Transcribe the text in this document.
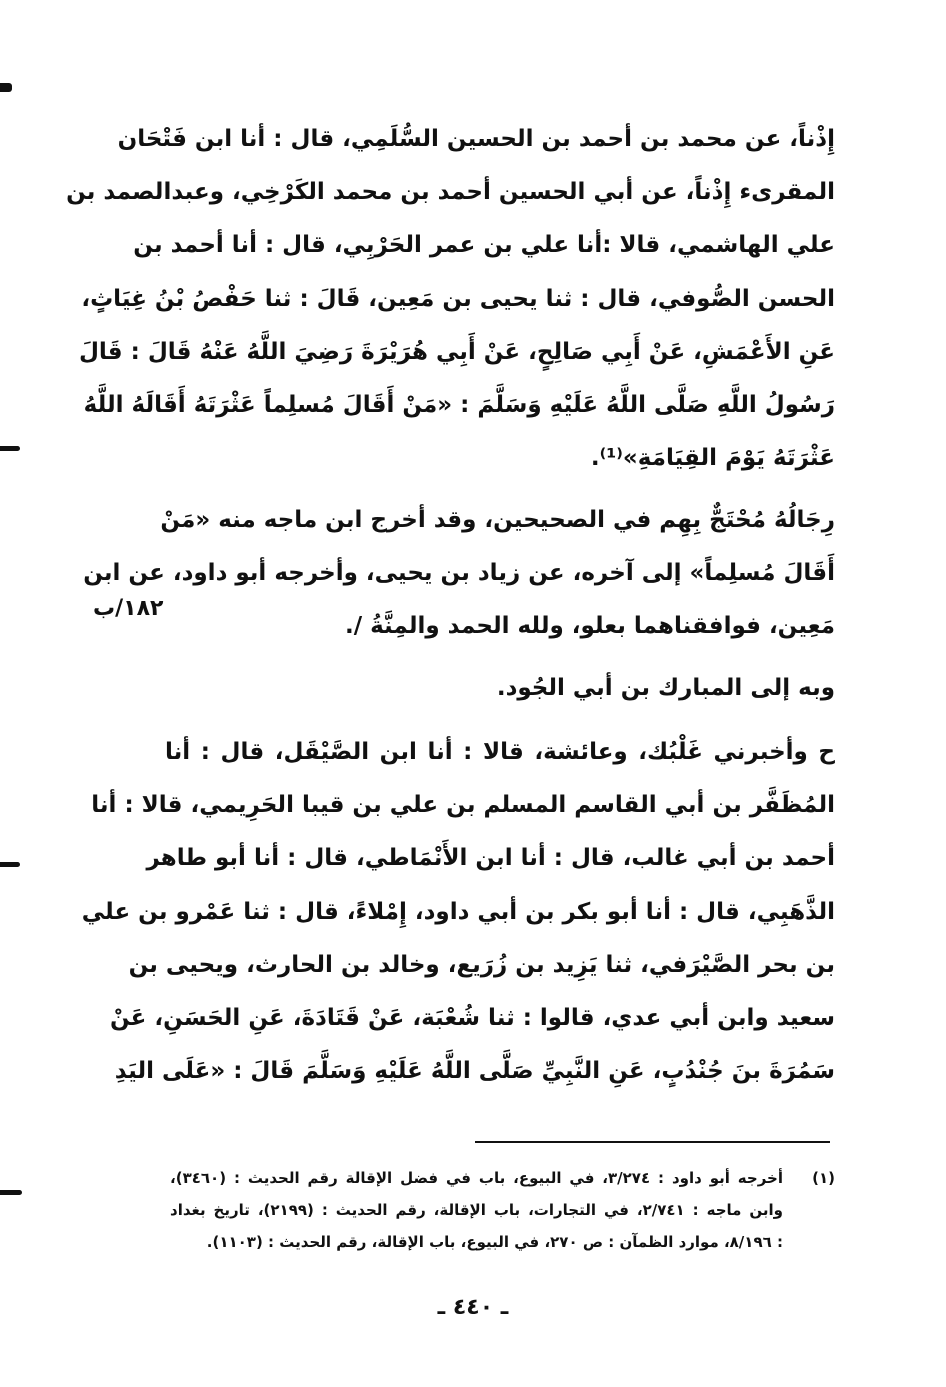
إِذْناً، عن محمد بن أحمد بن الحسين السُّلَمِي، قال : أنا ابن فَتْحَان
المقرىء إِذْناً، عن أبي الحسين أحمد بن محمد الكَرْخِي، وعبدالصمد بن
علي الهاشمي، قالا :أنا علي بن عمر الحَرْبِي، قال : أنا أحمد بن
الحسن الصُّوفي، قال : ثنا يحيى بن مَعِين، قَالَ : ثنا حَفْصُ بْنُ غِيَاثٍ،
عَنِ الأَعْمَشِ، عَنْ أَبِي صَالِحٍ، عَنْ أَبِي هُرَيْرَةَ رَضِيَ اللَّهُ عَنْهُ قَالَ : قَالَ
رَسُولُ اللَّهِ صَلَّى اللَّهُ عَلَيْهِ وَسَلَّمَ : «مَنْ أَقَالَ مُسلِماً عَثْرَتَهُ أَقَالَهُ اللَّهُ
عَثْرَتَهُ يَوْمَ القِيَامَةِ»⁽¹⁾.

رِجَالُهُ مُحْتَجٌّ بِهِم في الصحيحين، وقد أخرج ابن ماجه منه «مَنْ
أَقَالَ مُسلِماً» إلى آخره، عن زياد بن يحيى، وأخرجه أبو داود، عن ابن
مَعِين، فوافقناهما بعلو، ولله الحمد والمِنَّةُ /.

١٨٢/ب

وبه إلى المبارك بن أبي الجُود.

ح وأخبرني غَلْبُك، وعائشة، قالا : أنا ابن الصَّيْقَل، قال : أنا
المُظَفَّر بن أبي القاسم المسلم بن علي بن قيبا الحَرِيمي، قالا : أنا
أحمد بن أبي غالب، قال : أنا ابن الأَنْمَاطي، قال : أنا أبو طاهر
الذَّهَبِي، قال : أنا أبو بكر بن أبي داود، إِمْلاءً، قال : ثنا عَمْرو بن علي
بن بحر الصَّيْرَفي، ثنا يَزِيد بن زُرَيع، وخالد بن الحارث، ويحيى بن
سعيد وابن أبي عدي، قالوا : ثنا شُعْبَة، عَنْ قَتَادَةَ، عَنِ الحَسَنِ، عَنْ
سَمُرَةَ بنَ جُنْدُبٍ، عَنِ النَّبِيِّ صَلَّى اللَّهُ عَلَيْهِ وَسَلَّمَ قَالَ : «عَلَى اليَدِ

(١)
أخرجه أبو داود : ٣/٢٧٤، في البيوع، باب في فضل الإقالة رقم الحديث : (٣٤٦٠)،
وابن ماجه : ٢/٧٤١، في التجارات، باب الإقالة، رقم الحديث : (٢١٩٩)، تاريخ بغداد
: ٨/١٩٦، موارد الظمآن : ص ٢٧٠، في البيوع، باب الإقالة، رقم الحديث : (١١٠٣).
ـ ٤٤٠ ـ
